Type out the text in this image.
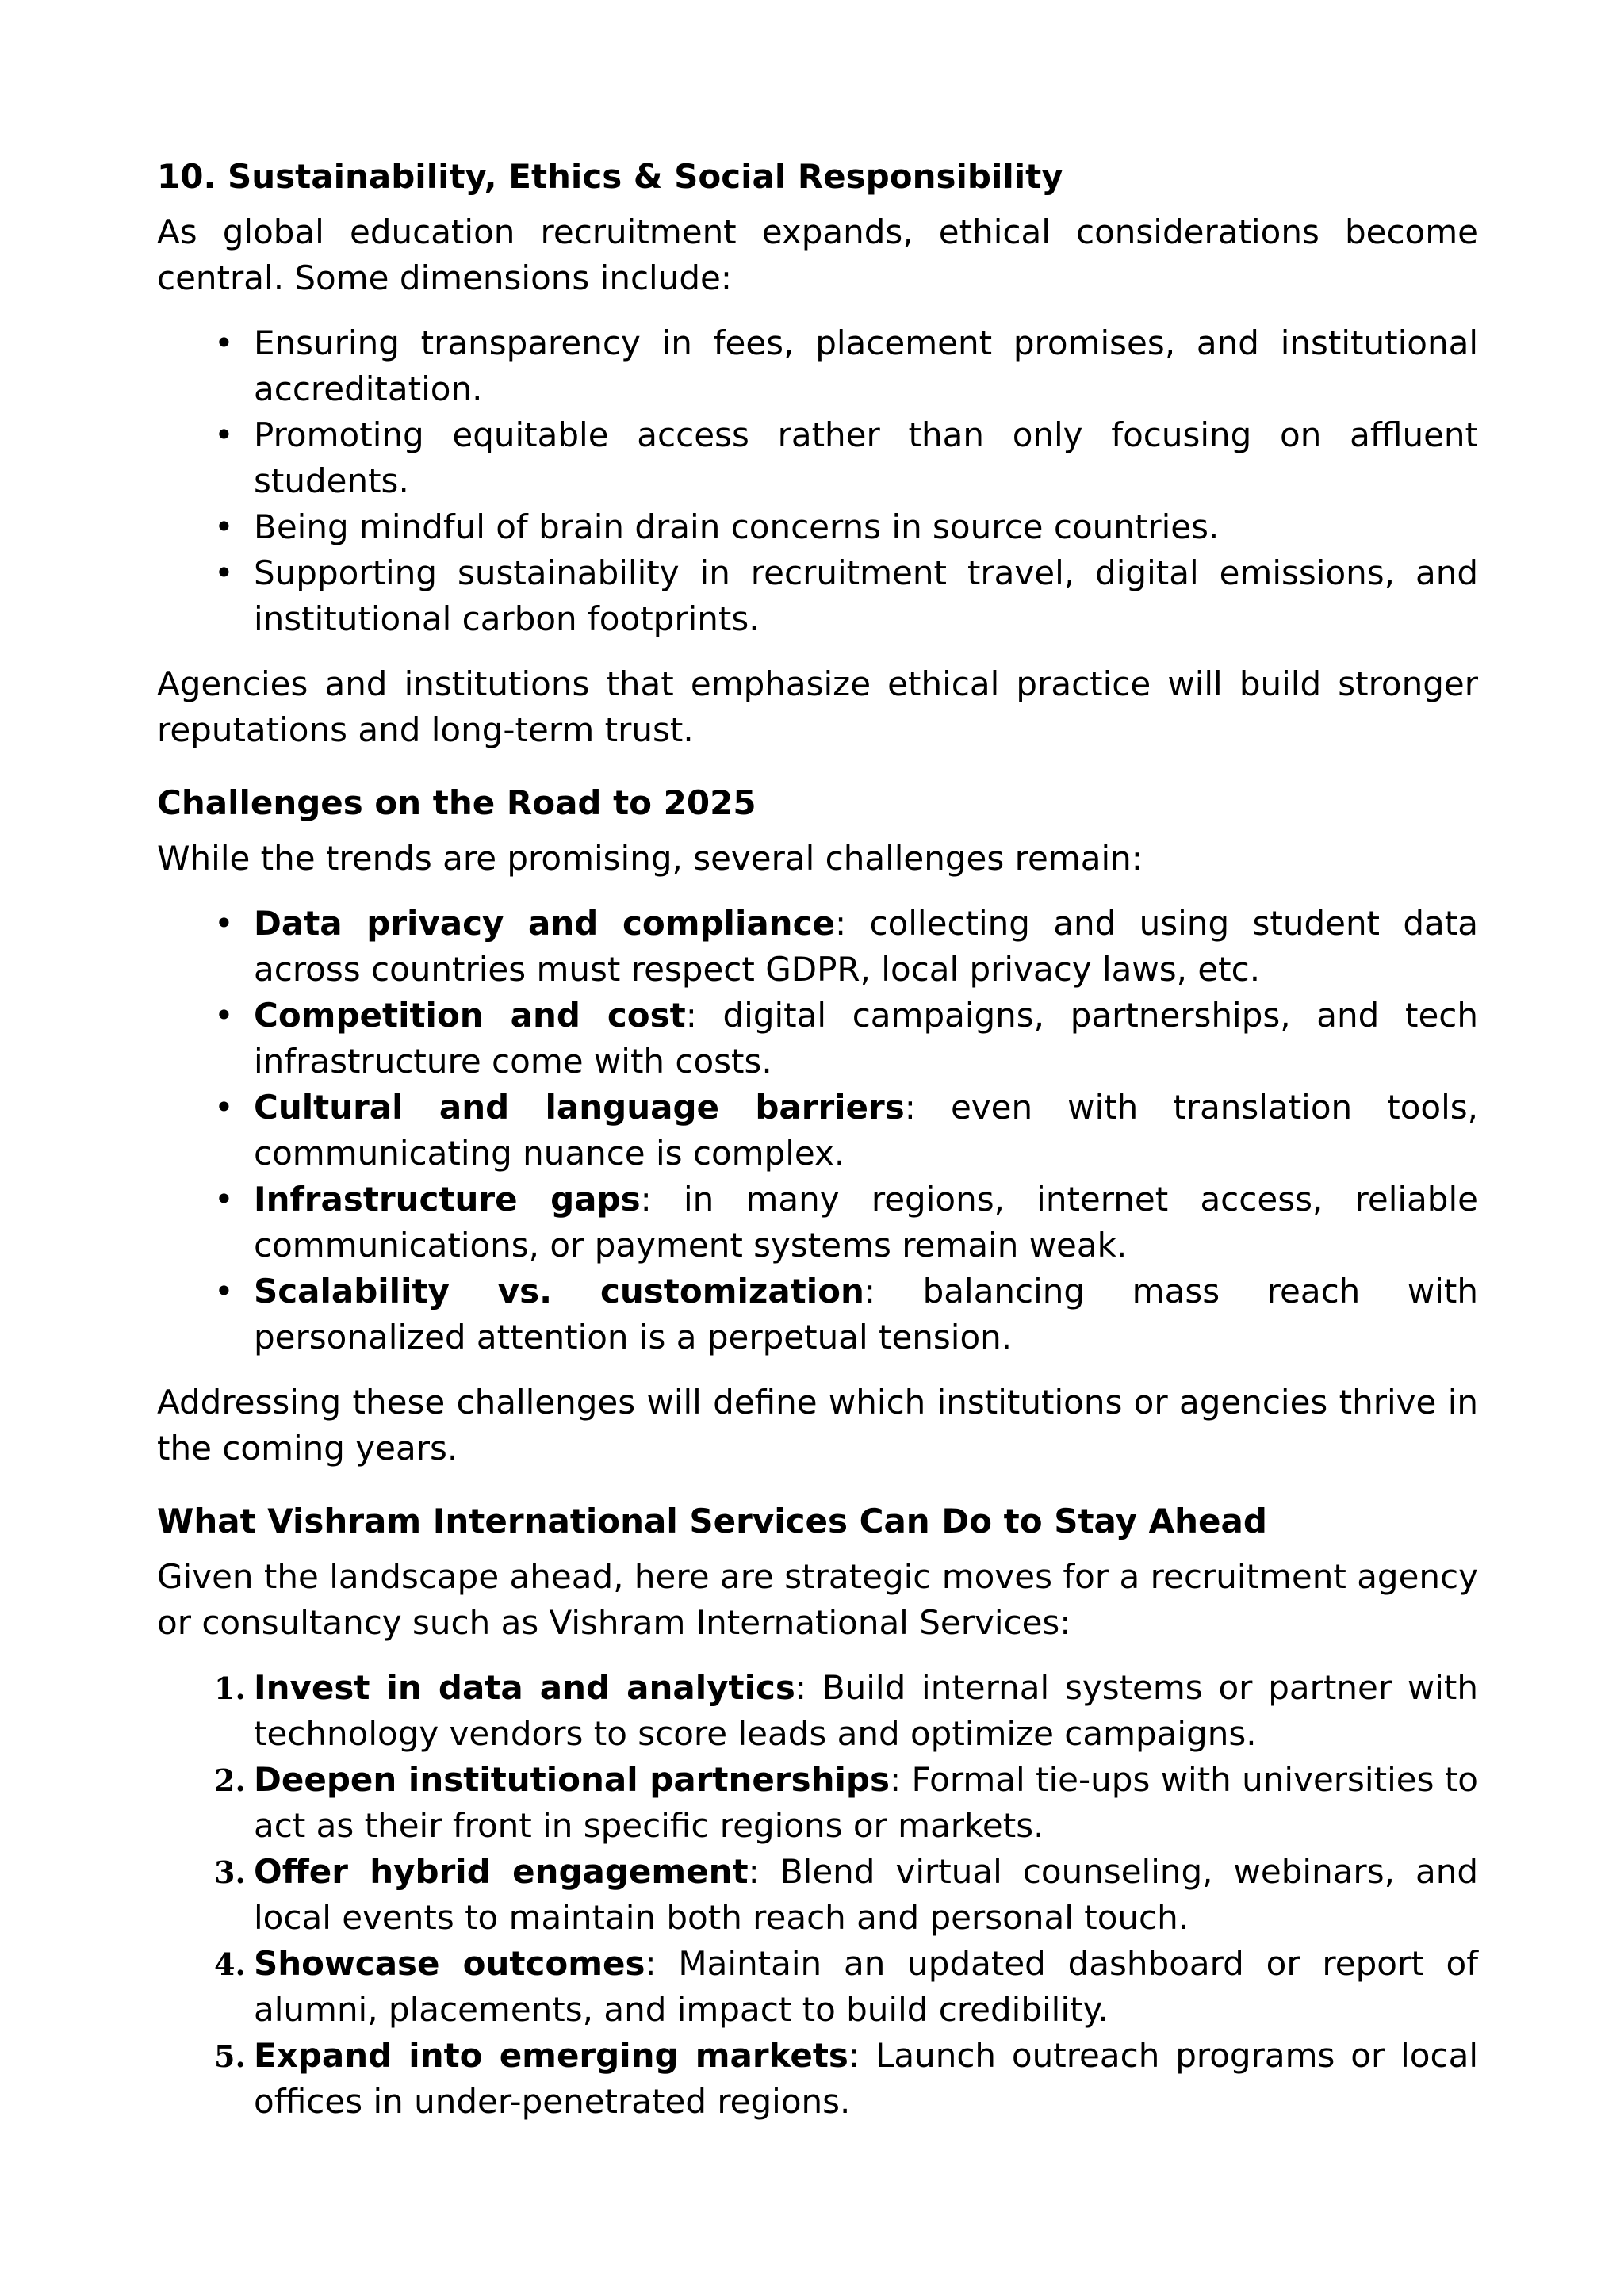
10. Sustainability, Ethics & Social Responsibility

As global education recruitment expands, ethical considerations become central. Some dimensions include:

• Ensuring transparency in fees, placement promises, and institutional accreditation.
• Promoting equitable access rather than only focusing on affluent students.
• Being mindful of brain drain concerns in source countries.
• Supporting sustainability in recruitment travel, digital emissions, and institutional carbon footprints.

Agencies and institutions that emphasize ethical practice will build stronger reputations and long-term trust.

Challenges on the Road to 2025

While the trends are promising, several challenges remain:

• Data privacy and compliance: collecting and using student data across countries must respect GDPR, local privacy laws, etc.
• Competition and cost: digital campaigns, partnerships, and tech infrastructure come with costs.
• Cultural and language barriers: even with translation tools, communicating nuance is complex.
• Infrastructure gaps: in many regions, internet access, reliable communications, or payment systems remain weak.
• Scalability vs. customization: balancing mass reach with personalized attention is a perpetual tension.

Addressing these challenges will define which institutions or agencies thrive in the coming years.

What Vishram International Services Can Do to Stay Ahead

Given the landscape ahead, here are strategic moves for a recruitment agency or consultancy such as Vishram International Services:

1. Invest in data and analytics: Build internal systems or partner with technology vendors to score leads and optimize campaigns.
2. Deepen institutional partnerships: Formal tie-ups with universities to act as their front in specific regions or markets.
3. Offer hybrid engagement: Blend virtual counseling, webinars, and local events to maintain both reach and personal touch.
4. Showcase outcomes: Maintain an updated dashboard or report of alumni, placements, and impact to build credibility.
5. Expand into emerging markets: Launch outreach programs or local offices in under-penetrated regions.
